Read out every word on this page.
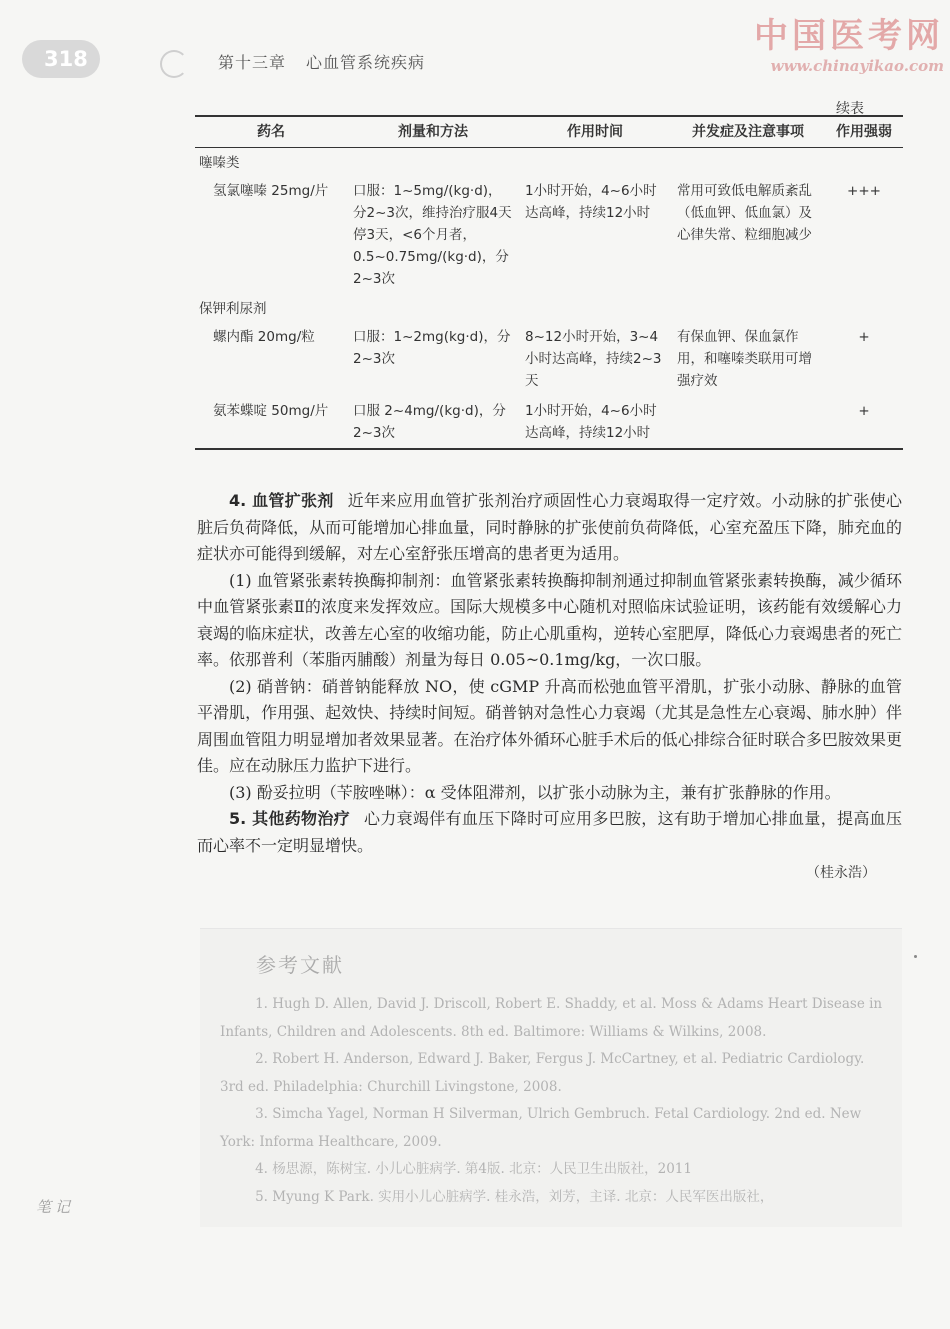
318	第十三章 心血管系统疾病
中国医考网
www.chinayikao.com
续表
药名	剂量和方法	作用时间	并发症及注意事项	作用强弱
噻嗪类				
氢氯噻嗪 25mg/片	口服：1~5mg/(kg·d)，分2~3次，维持治疗服4天停3天，<6个月者，0.5~0.75mg/(kg·d)，分2~3次	1小时开始，4~6小时达高峰，持续12小时	常用可致低电解质紊乱（低血钾、低血氯）及心律失常、粒细胞减少	+++
保钾利尿剂				
螺内酯 20mg/粒	口服：1~2mg(kg·d)，分2~3次	8~12小时开始，3~4小时达高峰，持续2~3天	有保血钾、保血氯作用，和噻嗪类联用可增强疗效	+
氨苯蝶啶 50mg/片	口服 2~4mg/(kg·d)，分2~3次	1小时开始，4~6小时达高峰，持续12小时		+

4. 血管扩张剂 近年来应用血管扩张剂治疗顽固性心力衰竭取得一定疗效。小动脉的扩张使心脏后负荷降低，从而可能增加心排血量，同时静脉的扩张使前负荷降低，心室充盈压下降，肺充血的症状亦可能得到缓解，对左心室舒张压增高的患者更为适用。

(1) 血管紧张素转换酶抑制剂：血管紧张素转换酶抑制剂通过抑制血管紧张素转换酶，减少循环中血管紧张素Ⅱ的浓度来发挥效应。国际大规模多中心随机对照临床试验证明，该药能有效缓解心力衰竭的临床症状，改善左心室的收缩功能，防止心肌重构，逆转心室肥厚，降低心力衰竭患者的死亡率。依那普利（苯脂丙脯酸）剂量为每日 0.05~0.1mg/kg，一次口服。

(2) 硝普钠：硝普钠能释放 NO，使 cGMP 升高而松弛血管平滑肌，扩张小动脉、静脉的血管平滑肌，作用强、起效快、持续时间短。硝普钠对急性心力衰竭（尤其是急性左心衰竭、肺水肿）伴周围血管阻力明显增加者效果显著。在治疗体外循环心脏手术后的低心排综合征时联合多巴胺效果更佳。应在动脉压力监护下进行。

(3) 酚妥拉明（苄胺唑啉）：α 受体阻滞剂，以扩张小动脉为主，兼有扩张静脉的作用。

5. 其他药物治疗 心力衰竭伴有血压下降时可应用多巴胺，这有助于增加心排血量，提高血压而心率不一定明显增快。

（桂永浩）
参考文献

1. Hugh D. Allen, David J. Driscoll, Robert E. Shaddy, et al. Moss & Adams Heart Disease in Infants, Children and Adolescents. 8th ed. Baltimore: Williams & Wilkins, 2008.

2. Robert H. Anderson, Edward J. Baker, Fergus J. McCartney, et al. Pediatric Cardiology. 3rd ed. Philadelphia: Churchill Livingstone, 2008.

3. Simcha Yagel, Norman H Silverman, Ulrich Gembruch. Fetal Cardiology. 2nd ed. New York: Informa Healthcare, 2009.

4. 杨思源，陈树宝. 小儿心脏病学. 第4版. 北京：人民卫生出版社，2011

5. Myung K Park. 实用小儿心脏病学. 桂永浩，刘芳，主译. 北京：人民军医出版社，

笔记
